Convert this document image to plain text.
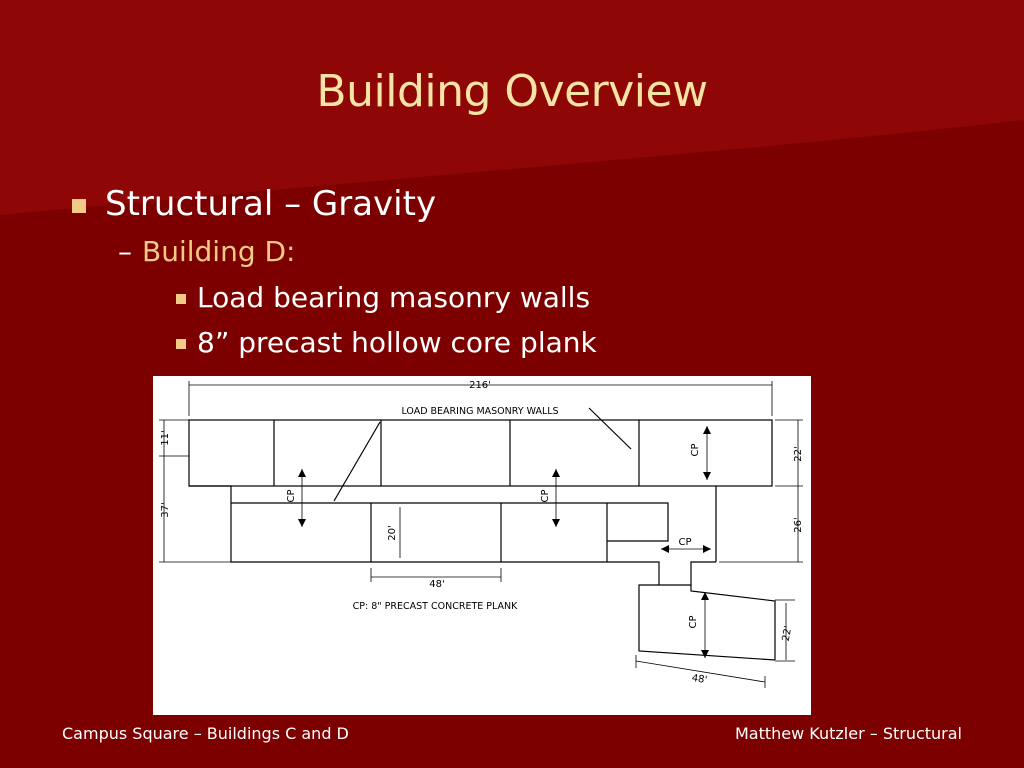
Building Overview
Structural – Gravity
– Building D:
Load bearing masonry walls
8” precast hollow core plank
216'
LOAD BEARING MASONRY WALLS
11'
37'
22'
26'
CP
CP	CP
CP
CP
20'
48'
CP: 8" PRECAST CONCRETE PLANK
22'
48'
Campus Square – Buildings C and D	Matthew Kutzler – Structural
